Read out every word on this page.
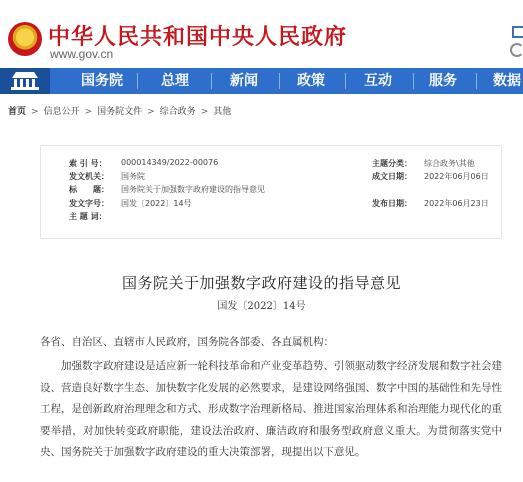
中华人民共和国中央人民政府
www.gov.cn
国务院	总理	新闻	政策	互动	服务	数据
首页 > 信息公开 > 国务院文件 > 综合政务 > 其他
索 引 号： 000014349/2022-00076
发文机关： 国务院
标　　题： 国务院关于加强数字政府建设的指导意见
发文字号： 国发〔2022〕14号
主 题 词：
主题分类： 综合政务\其他
成文日期： 2022年06月06日
发布日期： 2022年06月23日
国务院关于加强数字政府建设的指导意见
国发〔2022〕14号
各省、自治区、直辖市人民政府，国务院各部委、各直属机构：
加强数字政府建设是适应新一轮科技革命和产业变革趋势、引领驱动数字经济发展和数字社会建设、营造良好数字生态、加快数字化发展的必然要求，是建设网络强国、数字中国的基础性和先导性工程，是创新政府治理理念和方式、形成数字治理新格局、推进国家治理体系和治理能力现代化的重要举措，对加快转变政府职能，建设法治政府、廉洁政府和服务型政府意义重大。为贯彻落实党中央、国务院关于加强数字政府建设的重大决策部署，现提出以下意见。
